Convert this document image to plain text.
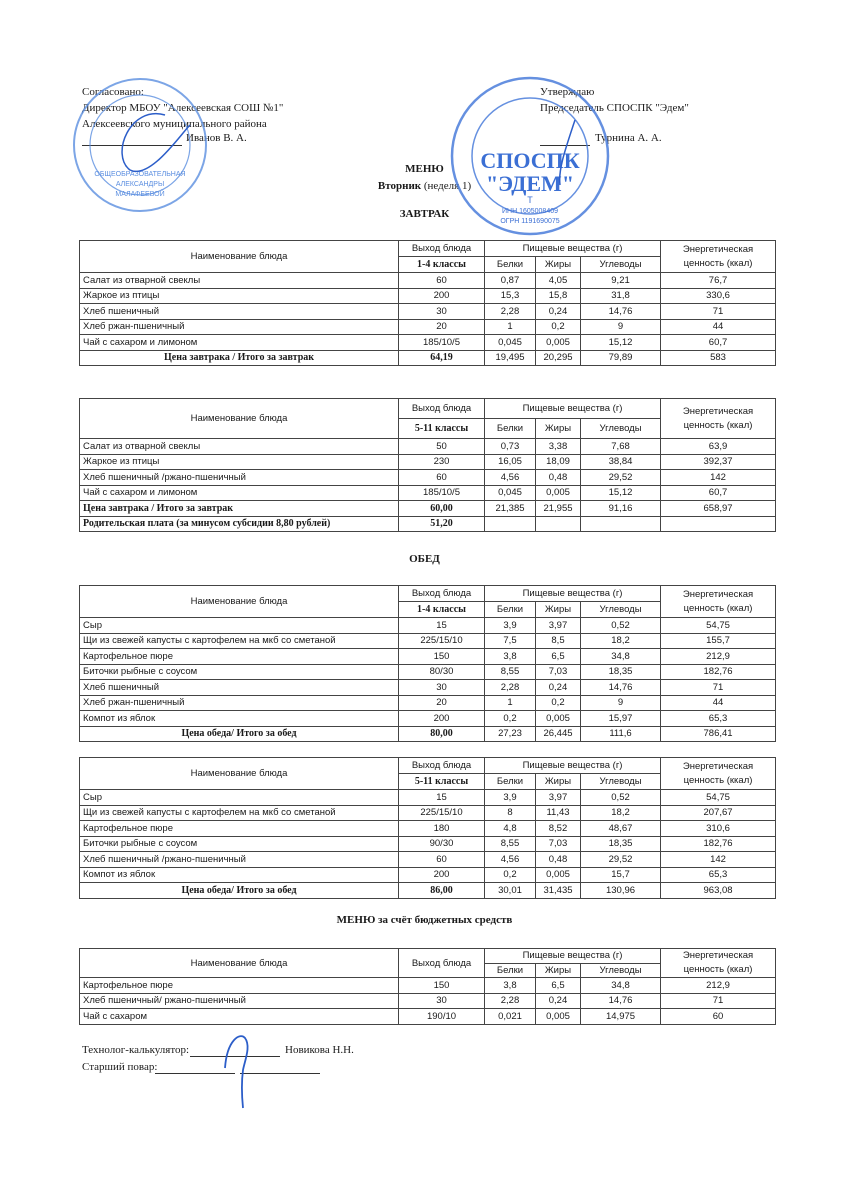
Согласовано:
Директор МБОУ "Алексеевская СОШ №1"
Алексеевского муниципального района
Иванов В. А.
Утверждаю
Председатель СПОСПК "Эдем"
Турнина А. А.
МЕНЮ
Вторник (неделя 1)
ЗАВТРАК
ОБЕД
МЕНЮ за счёт бюджетных средств
Наименование блюда	Выход блюда	Пищевые вещества (г)			Энергетическая ценность (ккал)
	1-4 классы	Белки	Жиры	Углеводы	
Салат из отварной свеклы	60	0,87	4,05	9,21	76,7
Жаркое из птицы	200	15,3	15,8	31,8	330,6
Хлеб пшеничный	30	2,28	0,24	14,76	71
Хлеб ржан-пшеничный	20	1	0,2	9	44
Чай с сахаром и лимоном	185/10/5	0,045	0,005	15,12	60,7
Цена завтрака / Итого за завтрак	64,19	19,495	20,295	79,89	583
Наименование блюда	Выход блюда	Пищевые вещества (г)			Энергетическая ценность (ккал)
	5-11 классы	Белки	Жиры	Углеводы	
Салат из отварной свеклы	50	0,73	3,38	7,68	63,9
Жаркое из птицы	230	16,05	18,09	38,84	392,37
Хлеб пшеничный /ржано-пшеничный	60	4,56	0,48	29,52	142
Чай с сахаром и лимоном	185/10/5	0,045	0,005	15,12	60,7
Цена завтрака / Итого за завтрак	60,00	21,385	21,955	91,16	658,97
Родительская плата (за минусом субсидии 8,80 рублей)	51,20				
Наименование блюда	Выход блюда	Пищевые вещества (г)			Энергетическая ценность (ккал)
	1-4 классы	Белки	Жиры	Углеводы	
Сыр	15	3,9	3,97	0,52	54,75
Щи из свежей капусты с картофелем на мкб со сметаной	225/15/10	7,5	8,5	18,2	155,7
Картофельное пюре	150	3,8	6,5	34,8	212,9
Биточки рыбные с соусом	80/30	8,55	7,03	18,35	182,76
Хлеб пшеничный	30	2,28	0,24	14,76	71
Хлеб ржан-пшеничный	20	1	0,2	9	44
Компот из яблок	200	0,2	0,005	15,97	65,3
Цена обеда/ Итого за обед	80,00	27,23	26,445	111,6	786,41
Наименование блюда	Выход блюда	Пищевые вещества (г)			Энергетическая ценность (ккал)
	5-11 классы	Белки	Жиры	Углеводы	
Сыр	15	3,9	3,97	0,52	54,75
Щи из свежей капусты с картофелем на мкб со сметаной	225/15/10	8	11,43	18,2	207,67
Картофельное пюре	180	4,8	8,52	48,67	310,6
Биточки рыбные с соусом	90/30	8,55	7,03	18,35	182,76
Хлеб пшеничный /ржано-пшеничный	60	4,56	0,48	29,52	142
Компот из яблок	200	0,2	0,005	15,7	65,3
Цена обеда/ Итого за обед	86,00	30,01	31,435	130,96	963,08
Наименование блюда	Выход блюда	Пищевые вещества (г)			Энергетическая ценность (ккал)
		Белки	Жиры	Углеводы	
Картофельное пюре	150	3,8	6,5	34,8	212,9
Хлеб пшеничный/ ржано-пшеничный	30	2,28	0,24	14,76	71
Чай с сахаром	190/10	0,021	0,005	14,975	60
Технолог-калькулятор:	Новикова Н.Н.
Старший повар:
ОБЩЕОБРАЗОВАТЕЛЬНАЯ
АЛЕКСАНДРЫ
МАЛАФЕЕВОЙ
СПОСПК
"ЭДЕМ"
Т
ИНН 1605008409
ОГРН 1191690075
